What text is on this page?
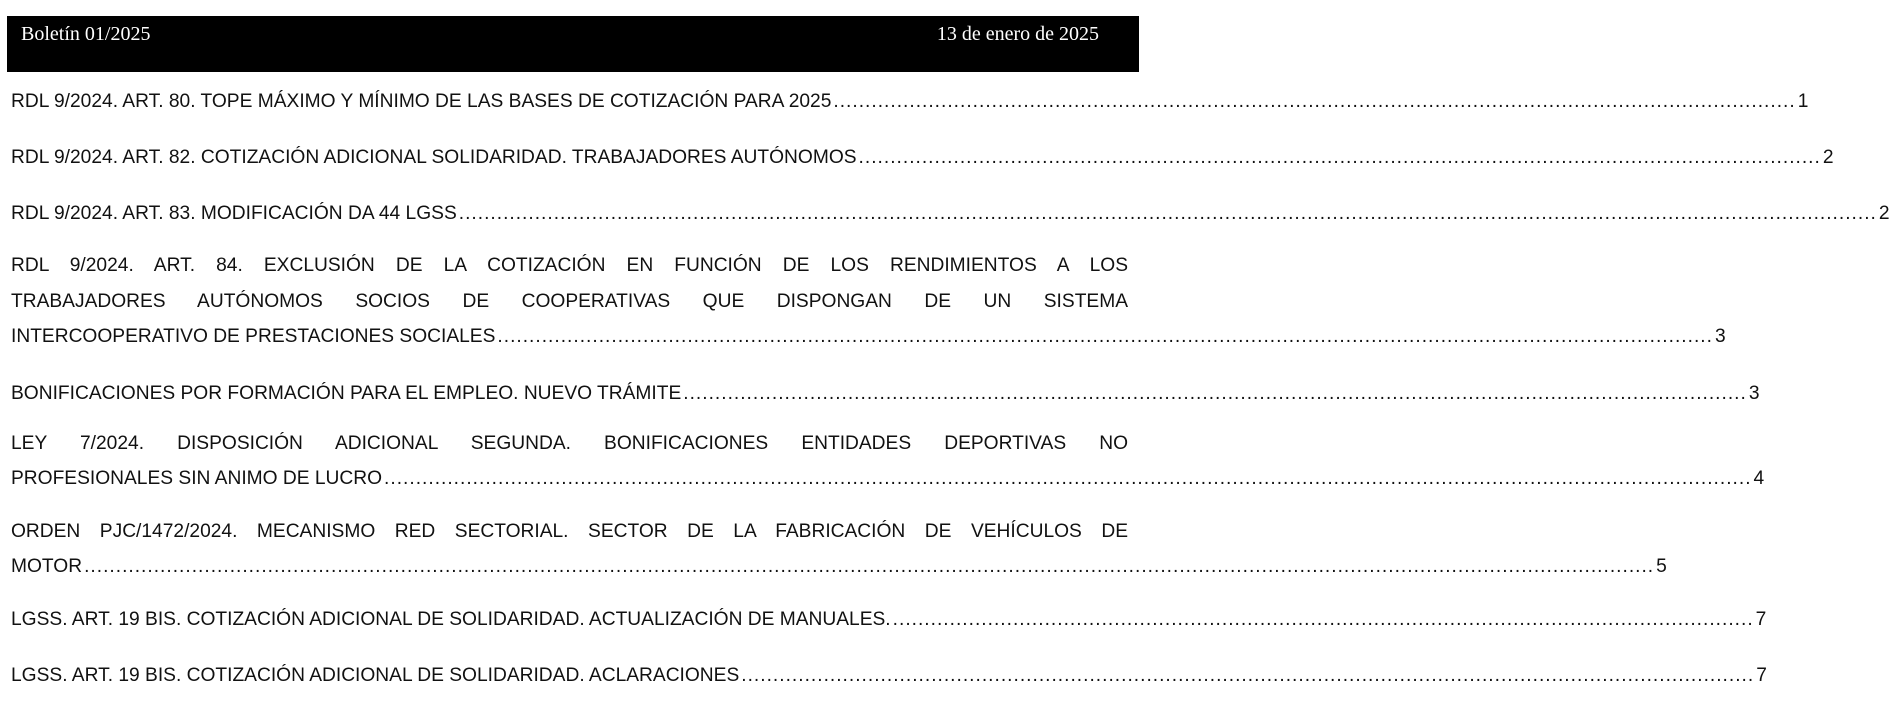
Boletín 01/2025	13 de enero de 2025
RDL 9/2024. ART. 80. TOPE MÁXIMO Y MÍNIMO DE LAS BASES DE COTIZACIÓN PARA 2025 ........................................................................................................................................................ 1
RDL 9/2024. ART. 82. COTIZACIÓN ADICIONAL SOLIDARIDAD. TRABAJADORES AUTÓNOMOS ........................................................................................................................................................ 2
RDL 9/2024. ART. 83. MODIFICACIÓN DA 44 LGSS ................................................................................................................................................................................................................................ 2
RDL 9/2024. ART. 84. EXCLUSIÓN DE LA COTIZACIÓN EN FUNCIÓN DE LOS RENDIMIENTOS A LOS
TRABAJADORES AUTÓNOMOS SOCIOS DE COOPERATIVAS QUE DISPONGAN DE UN SISTEMA
INTERCOOPERATIVO DE PRESTACIONES SOCIALES ................................................................................................................................................................................................ 3
BONIFICACIONES POR FORMACIÓN PARA EL EMPLEO. NUEVO TRÁMITE ........................................................................................................................................................................ 3
LEY 7/2024. DISPOSICIÓN ADICIONAL SEGUNDA. BONIFICACIONES ENTIDADES DEPORTIVAS NO
PROFESIONALES SIN ANIMO DE LUCRO ........................................................................................................................................................................................................................ 4
ORDEN PJC/1472/2024. MECANISMO RED SECTORIAL. SECTOR DE LA FABRICACIÓN DE VEHÍCULOS DE
MOTOR ........................................................................................................................................................................................................................................................ 5
LGSS. ART. 19 BIS. COTIZACIÓN ADICIONAL DE SOLIDARIDAD. ACTUALIZACIÓN DE MANUALES. ........................................................................................................................................ 7
LGSS. ART. 19 BIS. COTIZACIÓN ADICIONAL DE SOLIDARIDAD. ACLARACIONES ................................................................................................................................................................ 7
